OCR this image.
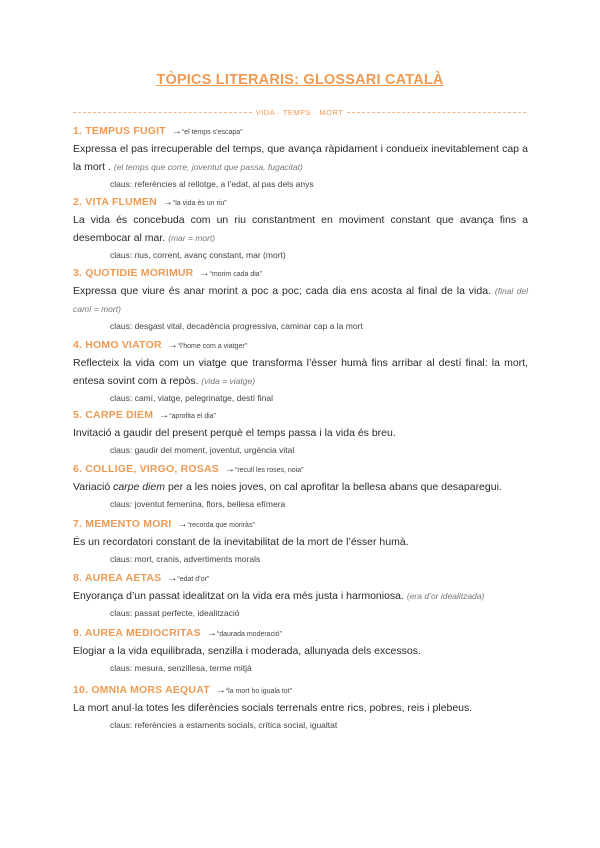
TÒPICS LITERARIS: GLOSSARI CATALÀ
VIDA · TEMPS · MORT
1. TEMPUS FUGIT → “el temps s’escapa”
Expressa el pas irrecuperable del temps, que avança ràpidament i condueix inevitablement cap a la mort . (el temps que corre, joventut que passa, fugacitat)
claus: referències al rellotge, a l’edat, al pas dels anys
2. VITA FLUMEN → “la vida és un riu”
La vida és concebuda com un riu constantment en moviment constant que avança fins a desembocar al mar. (mar = mort)
claus: rius, corrent, avanç constant, mar (mort)
3. QUOTIDIE MORIMUR → “morim cada dia”
Expressa que viure és anar morint a poc a poc; cada dia ens acosta al final de la vida. (final del camí = mort)
claus: desgast vital, decadència progressiva, caminar cap a la mort
4. HOMO VIATOR → “l’home com a viatger”
Reflecteix la vida com un viatge que transforma l’ésser humà fins arribar al destí final: la mort, entesa sovint com a repòs. (vida = viatge)
claus: camí, viatge, pelegrinatge, destí final
5. CARPE DIEM → “aprofita el dia”
Invitació a gaudir del present perquè el temps passa i la vida és breu.
claus: gaudir del moment, joventut, urgència vital
6. COLLIGE, VIRGO, ROSAS → “recull les roses, noia”
Variació carpe diem per a les noies joves, on cal aprofitar la bellesa abans que desaparegui.
claus: joventut femenina, flors, bellesa efímera
7. MEMENTO MORI → “recorda que moriràs”
És un recordatori constant de la inevitabilitat de la mort de l’ésser humà.
claus: mort, cranis, advertiments morals
8. AUREA AETAS → “edat d’or”
Enyorança d’un passat idealitzat on la vida era més justa i harmoniosa. (era d’or idealitzada)
claus: passat perfecte, idealització
9. AUREA MEDIOCRITAS → “daurada moderació”
Elogiar a la vida equilibrada, senzilla i moderada, allunyada dels excessos.
claus: mesura, senzillesa, terme mitjà
10. OMNIA MORS AEQUAT → “la mort ho iguala tot”
La mort anul·la totes les diferències socials terrenals entre rics, pobres, reis i plebeus.
claus: referències a estaments socials, crítica social, igualtat
